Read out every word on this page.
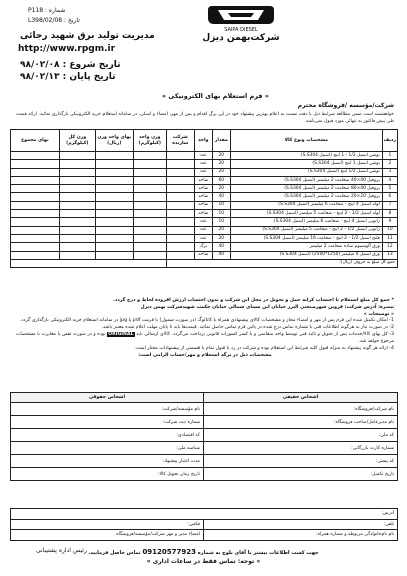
SAIPA DIESEL
شرکت‌بهمن دیزل
شماره : P118
تاریخ : L398/02/08
مدیریت تولید برق شهید رجائی
http://www.rpgm.ir
تاریخ شروع : ۹۸/۰۲/۰۸
تاریخ پایان : ۹۸/۰۲/۱۳
« فرم استعلام بهای الکترونیکی »
شرکت/مؤسسه /فروشگاه محترم
خواهشمند است ضمن مطالعه شرایط ذیل با دقت نسبت به اعلام بهترین پیشنهاد خود در این برگ اقدام و پس از مهر، امضاء و اسکن، در سامانه استعلام خرید الکترونیکی بارگذاری نمائید. ارائه قیمت طی پیش فاکتور به تنهائی مورد قبول نمی‌باشد.
ردیف	مشخصات ونوع کالا	مقدار	واحد	شرکت سازنده	وزن واحد (کیلوگرم)	بهای واحد وزن (ریال)	وزن کل (کیلوگرم)	بهای مجموع
1	بوشن استیل 1/2 - 1 اینچ (استیل S.S304)	20	عدد					
2	بوشن استیل 1 اینچ (استیل S.S304)	20	عدد					
3	بوشن استیل 1/2 اینچ (استیل S.S304)	20	عدد					
4	پروفیل 40×40 ضخامت 2 میلیمتر (استیل S.S304)	60	شاخه					
5	پروفیل 40×80 ضخامت 2 میلیمتر (استیل S.S304)	20	شاخه					
6	پروفیل 20×20 ضخامت 2 میلیمتر (استیل S.S304)	40	شاخه					
7	لوله استیل 4 اینچ - ضخامت 6 میلیمتر (استیل S.S304)	10	شاخه					
8	لوله استیل 1/2 - 2 اینچ - ضخامت 5 میلیمتر (استیل S.S304)	10	شاخه					
9	زانویی استیل 4 اینچ - ضخامت 6 میلیمتر (استیل S.S304)	10	عدد					
10	زانویی استیل 1/2 - 2 اینچ - ضخامت 5 میلیمتر (استیل S.S304)	20	عدد					
11	فلنج استیل 1/2 - 2 اینچ - ضخامت 16 میلیمتر (استیل S.S304)	20	عدد					
12	ورق آلومینیوم ساده ضخامت 2 میلیمتر	40	برگ					
13	ورق استیل 4 میلیمتر (1250*2500) (استیل S.S304)	40	شاخه					
جمع کل مبلغ به حروف (ریال):								

* جمع کل مبلغ استعلام با احتساب کرایه حمل و تحویل در محل این شرکت و بدون احتساب ارزش افزوده لحاظ و درج گردد.

تبصره: آدرس شرکت: قزوین شهرصنعتی البرز خیابان ابن سینای شمالی خیابان حکمت شهیدشرکت بهمن دیزل

« توضیحات »

1- امکان تکمیل شده این فرم پس از مهر و امضاء مجاز و مشخصات کالای پیشنهادی همراه با کاتالوگ (در صورت شمول) با فرمت pdf یا jpg در سامانه استعلام خرید الکترونیکی بارگذاری گردد.

2- در صورت نیاز به هرگونه اطلاعات فنی با شماره تماس درج شده در پائین فرم تماس حاصل نمائید. قیمت‌ها باید تا پایان مهلت اعلام شده معتبر باشد.

3- کل بهای کالا/خدمات پس از تحویل و تائید فنی توسط واحد متقاضی و با کسر کسورات قانونی پرداخت می‌گردد. کالای ارسالی باید ORIGINAL بوده و در صورت نقص یا مغایرت با مشخصات مرجوع خواهد شد.

4- ارائه هر گونه پیشنهاد به منزله قبول کلیه شرایط این استعلام بوده و شرکت در رد یا قبول تمام یا قسمتی از پیشنهادات مختار است.

مشخصات ذیل در برگه استعلام و مهر/حساب الزامی است:

اشخاص حقیقی	اشخاص حقوقی
نام شرکت/فروشگاه:	نام مؤسسه/شرکت:
نام مدیرعامل/صاحب فروشگاه:	شماره ثبت شرکت:
کد ملی:	کد اقتصادی:
شماره کارت بازرگانی:	شناسه ملی:
کد پستی:	مدت اعتبار پیشنهاد:
تاریخ تکمیل:	تاریخ زمان تحویل کالا:
آدرس:	
تلفن:	فکس:
نام نام‌خانوادگی مربوطه و شماره همراه:	امضاء مدیر و مهر شرکت/مؤسسه/فروشگاه
جهت کسب اطلاعات بیشتر با آقای بلوچ به شماره 09120577923 تماس حاصل فرمایید.
« توجه: تماس فقط در ساعات اداری »
رئیس اداره پشتیبانی
